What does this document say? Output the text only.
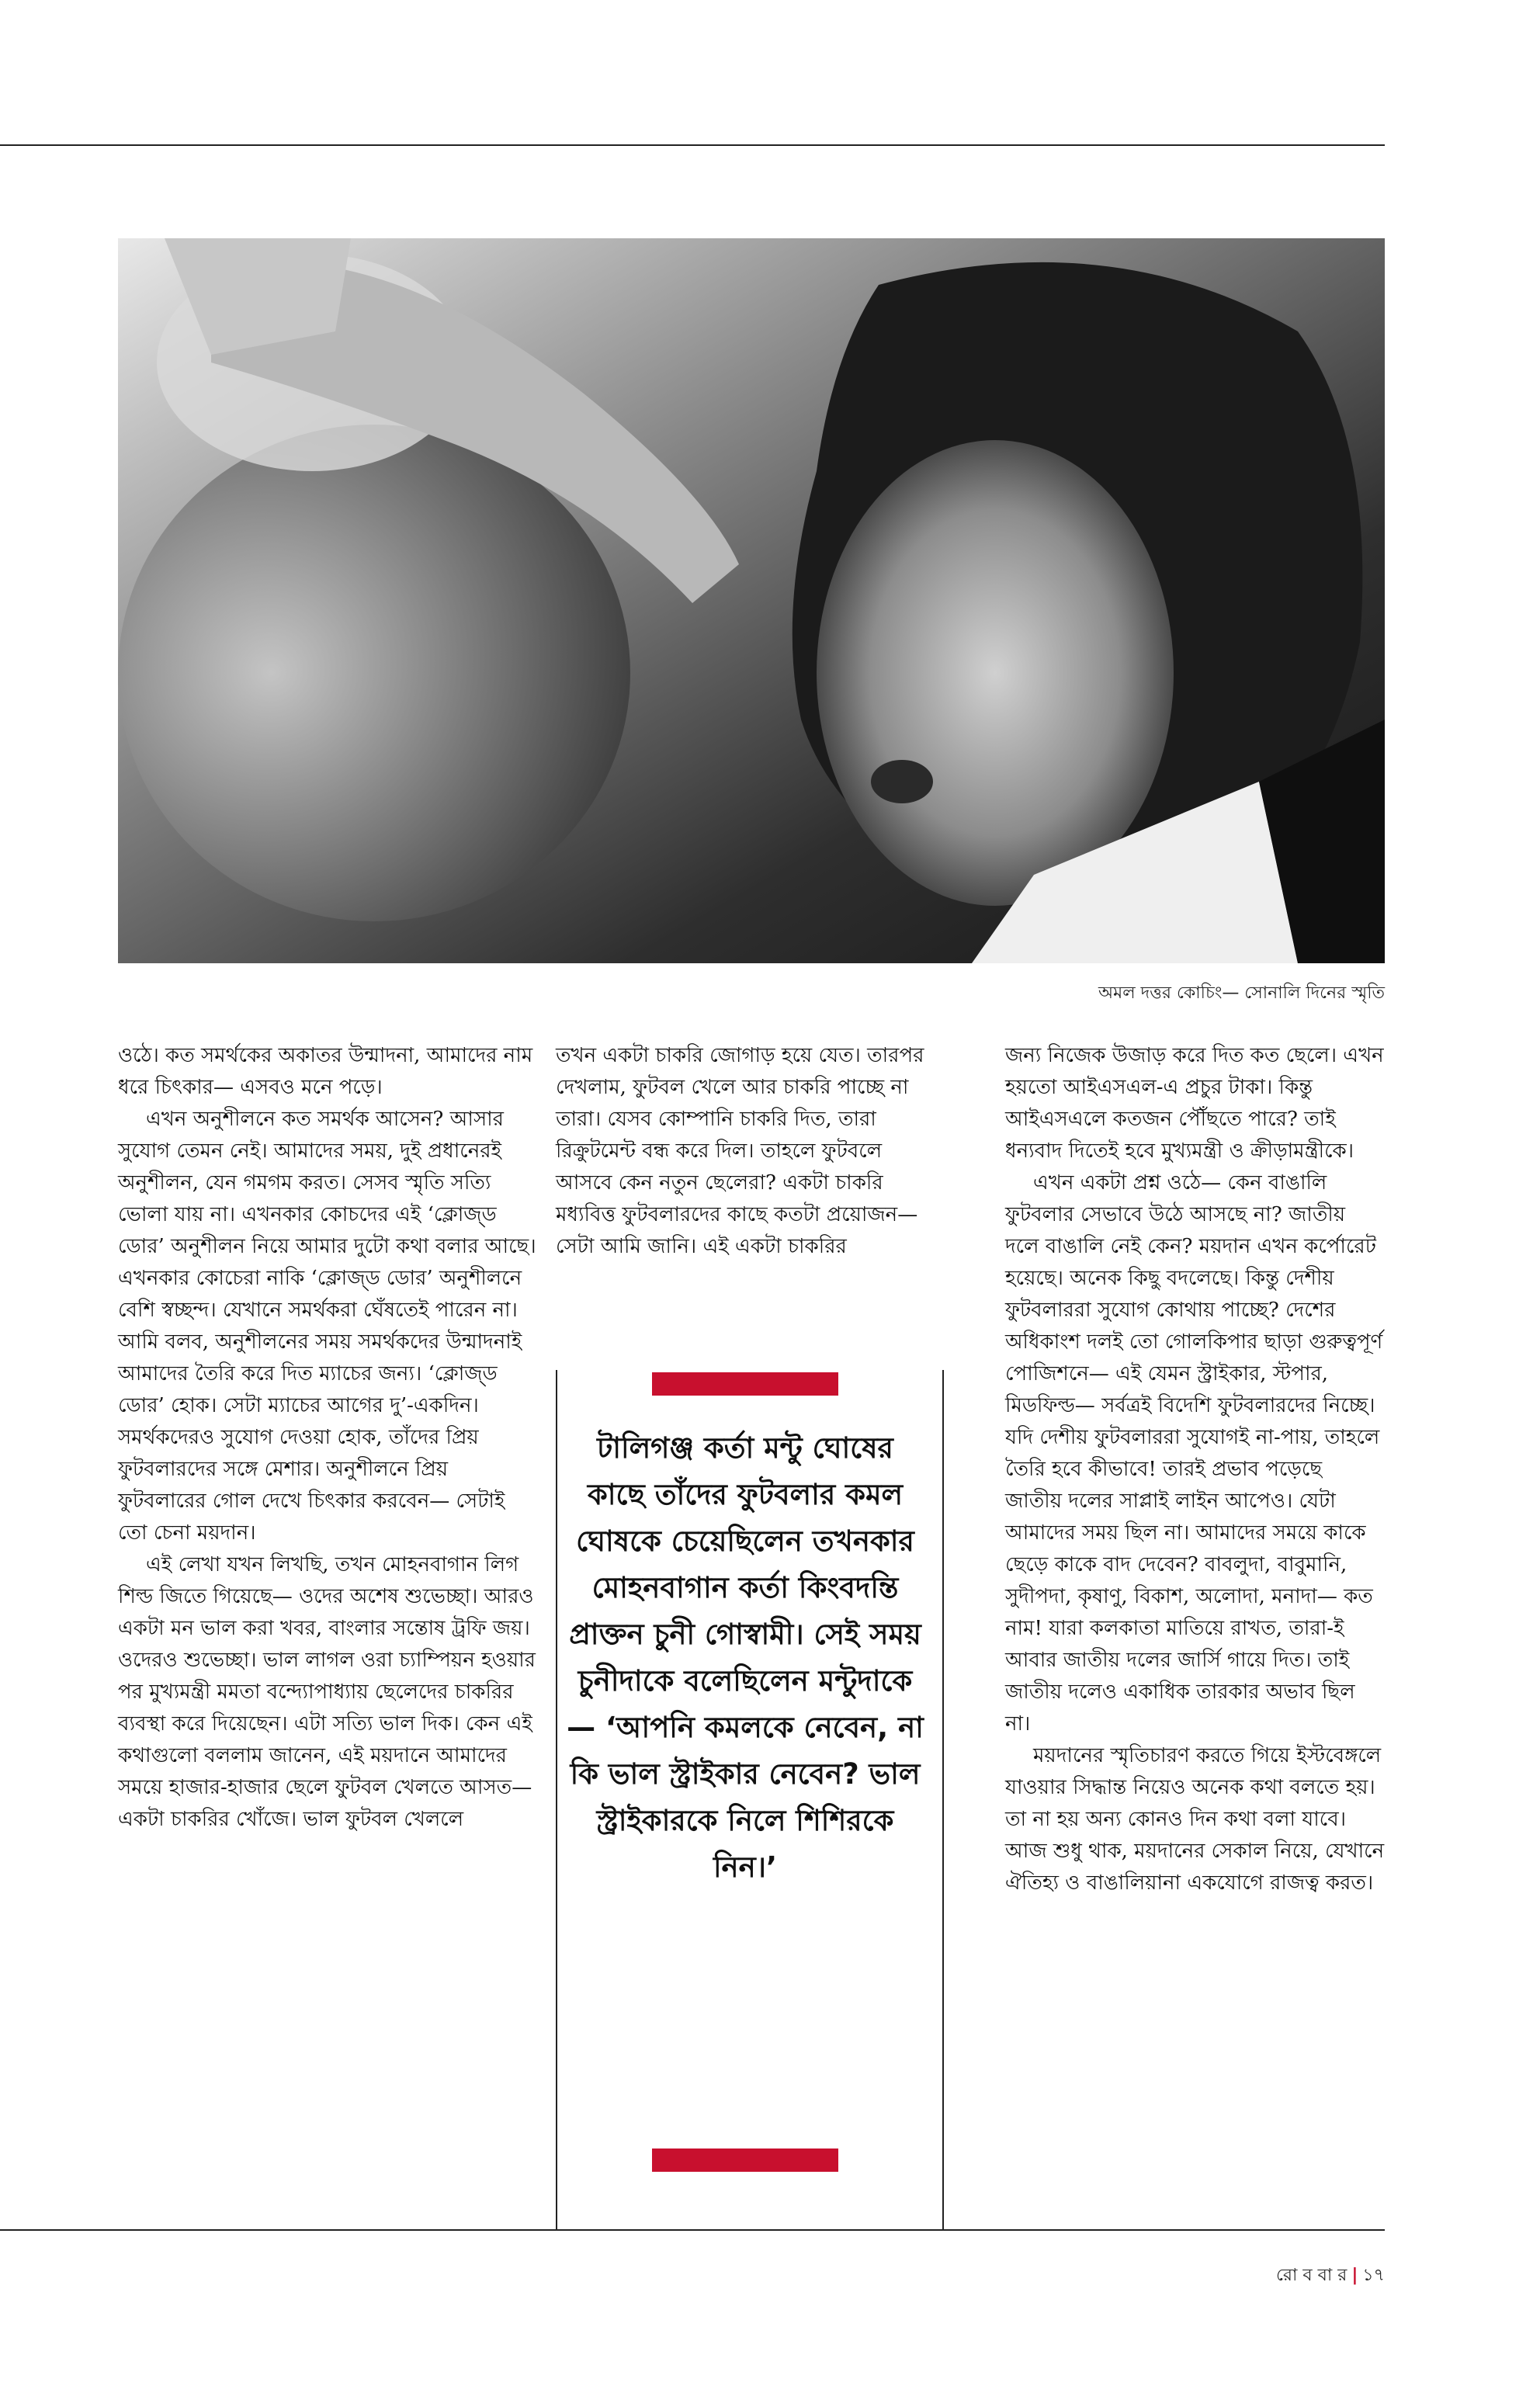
অমল দত্তর কোচিং— সোনালি দিনের স্মৃতি

ওঠে। কত সমর্থকের অকাতর উন্মাদনা, আমাদের নাম ধরে চিৎকার— এসবও মনে পড়ে।

এখন অনুশীলনে কত সমর্থক আসেন? আসার সুযোগ তেমন নেই। আমাদের সময়, দুই প্রধানেরই অনুশীলন, যেন গমগম করত। সেসব স্মৃতি সত্যি ভোলা যায় না। এখনকার কোচদের এই ‘ক্লোজ্ড ডোর’ অনুশীলন নিয়ে আমার দুটো কথা বলার আছে। এখনকার কোচেরা নাকি ‘ক্লোজ্ড ডোর’ অনুশীলনে বেশি স্বচ্ছন্দ। যেখানে সমর্থকরা ঘেঁষতেই পারেন না। আমি বলব, অনুশীলনের সময় সমর্থকদের উন্মাদনাই আমাদের তৈরি করে দিত ম্যাচের জন্য। ‘ক্লোজ্ড ডোর’ হোক। সেটা ম্যাচের আগের দু’-একদিন। সমর্থকদেরও সুযোগ দেওয়া হোক, তাঁদের প্রিয় ফুটবলারদের সঙ্গে মেশার। অনুশীলনে প্রিয় ফুটবলারের গোল দেখে চিৎকার করবেন— সেটাই তো চেনা ময়দান।

এই লেখা যখন লিখছি, তখন মোহনবাগান লিগ শিল্ড জিতে গিয়েছে— ওদের অশেষ শুভেচ্ছা। আরও একটা মন ভাল করা খবর, বাংলার সন্তোষ ট্রফি জয়। ওদেরও শুভেচ্ছা। ভাল লাগল ওরা চ্যাম্পিয়ন হওয়ার পর মুখ্যমন্ত্রী মমতা বন্দ্যোপাধ্যায় ছেলেদের চাকরির ব্যবস্থা করে দিয়েছেন। এটা সত্যি ভাল দিক। কেন এই কথাগুলো বললাম জানেন, এই ময়দানে আমাদের সময়ে হাজার-হাজার ছেলে ফুটবল খেলতে আসত— একটা চাকরির খোঁজে। ভাল ফুটবল খেললে

তখন একটা চাকরি জোগাড় হয়ে যেত। তারপর দেখলাম, ফুটবল খেলে আর চাকরি পাচ্ছে না তারা। যেসব কোম্পানি চাকরি দিত, তারা রিক্রুটমেন্ট বন্ধ করে দিল। তাহলে ফুটবলে আসবে কেন নতুন ছেলেরা? একটা চাকরি মধ্যবিত্ত ফুটবলারদের কাছে কতটা প্রয়োজন— সেটা আমি জানি। এই একটা চাকরির

টালিগঞ্জ কর্তা মন্টু ঘোষের কাছে তাঁদের ফুটবলার কমল ঘোষকে চেয়েছিলেন তখনকার মোহনবাগান কর্তা কিংবদন্তি প্রাক্তন চুনী গোস্বামী। সেই সময় চুনীদাকে বলেছিলেন মন্টুদাকে— ‘আপনি কমলকে নেবেন, না কি ভাল স্ট্রাইকার নেবেন? ভাল স্ট্রাইকারকে নিলে শিশিরকে নিন।’

জন্য নিজেক উজাড় করে দিত কত ছেলে। এখন হয়তো আইএসএল-এ প্রচুর টাকা। কিন্তু আইএসএলে কতজন পৌঁছতে পারে? তাই ধন্যবাদ দিতেই হবে মুখ্যমন্ত্রী ও ক্রীড়ামন্ত্রীকে।

এখন একটা প্রশ্ন ওঠে— কেন বাঙালি ফুটবলার সেভাবে উঠে আসছে না? জাতীয় দলে বাঙালি নেই কেন? ময়দান এখন কর্পোরেট হয়েছে। অনেক কিছু বদলেছে। কিন্তু দেশীয় ফুটবলাররা সুযোগ কোথায় পাচ্ছে? দেশের অধিকাংশ দলই তো গোলকিপার ছাড়া গুরুত্বপূর্ণ পোজিশনে— এই যেমন স্ট্রাইকার, স্টপার, মিডফিল্ড— সর্বত্রই বিদেশি ফুটবলারদের নিচ্ছে। যদি দেশীয় ফুটবলাররা সুযোগই না-পায়, তাহলে তৈরি হবে কীভাবে! তারই প্রভাব পড়েছে জাতীয় দলের সাপ্লাই লাইন আপেও। যেটা আমাদের সময় ছিল না। আমাদের সময়ে কাকে ছেড়ে কাকে বাদ দেবেন? বাবলুদা, বাবুমানি, সুদীপদা, কৃষাণু, বিকাশ, অলোদা, মনাদা— কত নাম! যারা কলকাতা মাতিয়ে রাখত, তারা-ই আবার জাতীয় দলের জার্সি গায়ে দিত। তাই জাতীয় দলেও একাধিক তারকার অভাব ছিল না।

ময়দানের স্মৃতিচারণ করতে গিয়ে ইস্টবেঙ্গলে যাওয়ার সিদ্ধান্ত নিয়েও অনেক কথা বলতে হয়। তা না হয় অন্য কোনও দিন কথা বলা যাবে। আজ শুধু থাক, ময়দানের সেকাল নিয়ে, যেখানে ঐতিহ্য ও বাঙালিয়ানা একযোগে রাজত্ব করত।

রো ব বা র | ১৭
